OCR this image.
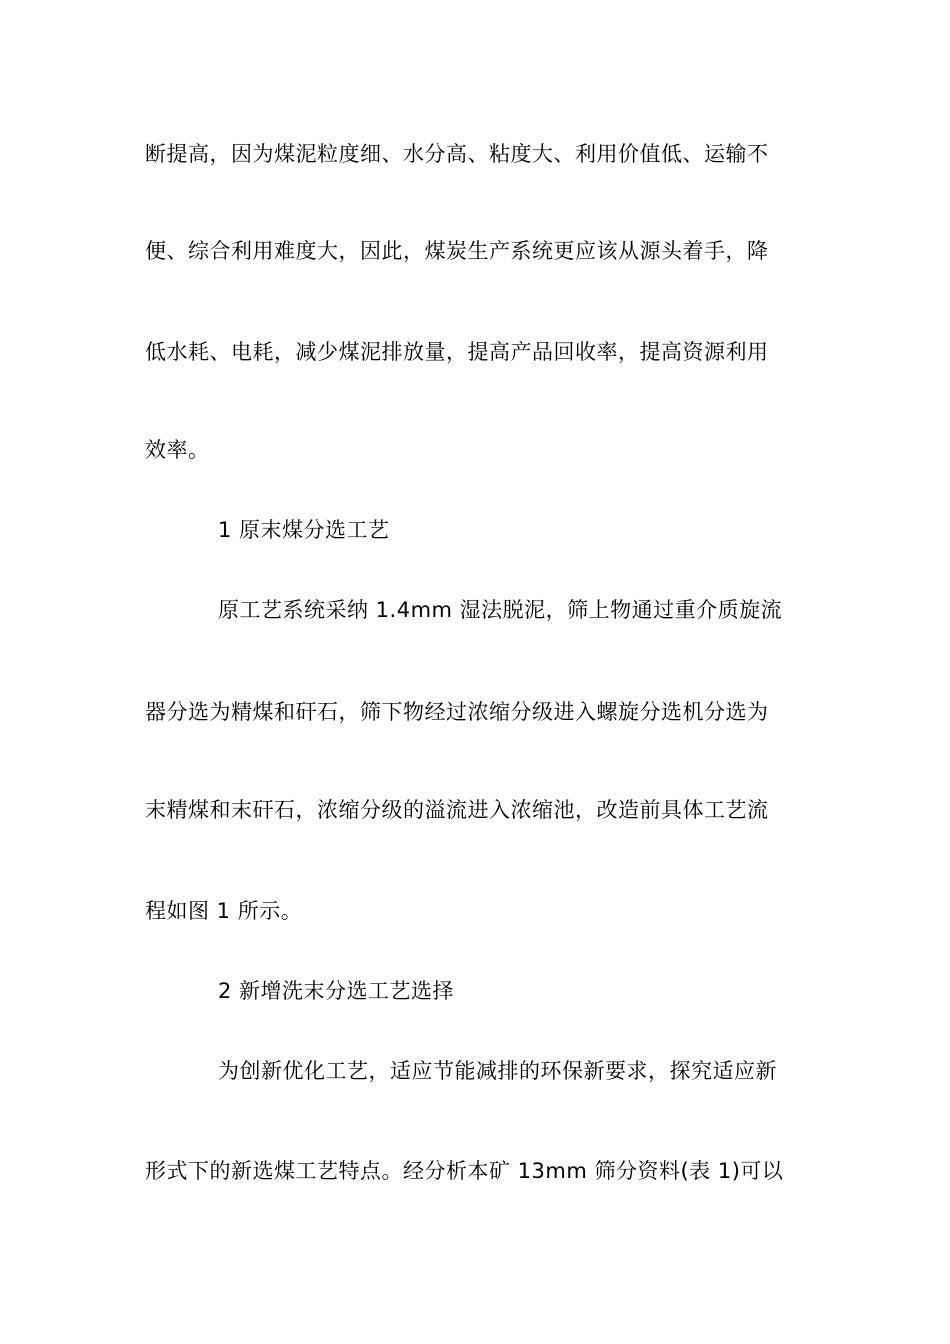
断提高，因为煤泥粒度细、水分高、粘度大、利用价值低、运输不
便、综合利用难度大，因此，煤炭生产系统更应该从源头着手，降
低水耗、电耗，减少煤泥排放量，提高产品回收率，提高资源利用
效率。
1 原末煤分选工艺
原工艺系统采纳 1.4mm 湿法脱泥，筛上物通过重介质旋流
器分选为精煤和矸石，筛下物经过浓缩分级进入螺旋分选机分选为
末精煤和末矸石，浓缩分级的溢流进入浓缩池，改造前具体工艺流
程如图 1 所示。
2 新增洗末分选工艺选择
为创新优化工艺，适应节能减排的环保新要求，探究适应新
形式下的新选煤工艺特点。经分析本矿 13mm 筛分资料(表 1)可以
